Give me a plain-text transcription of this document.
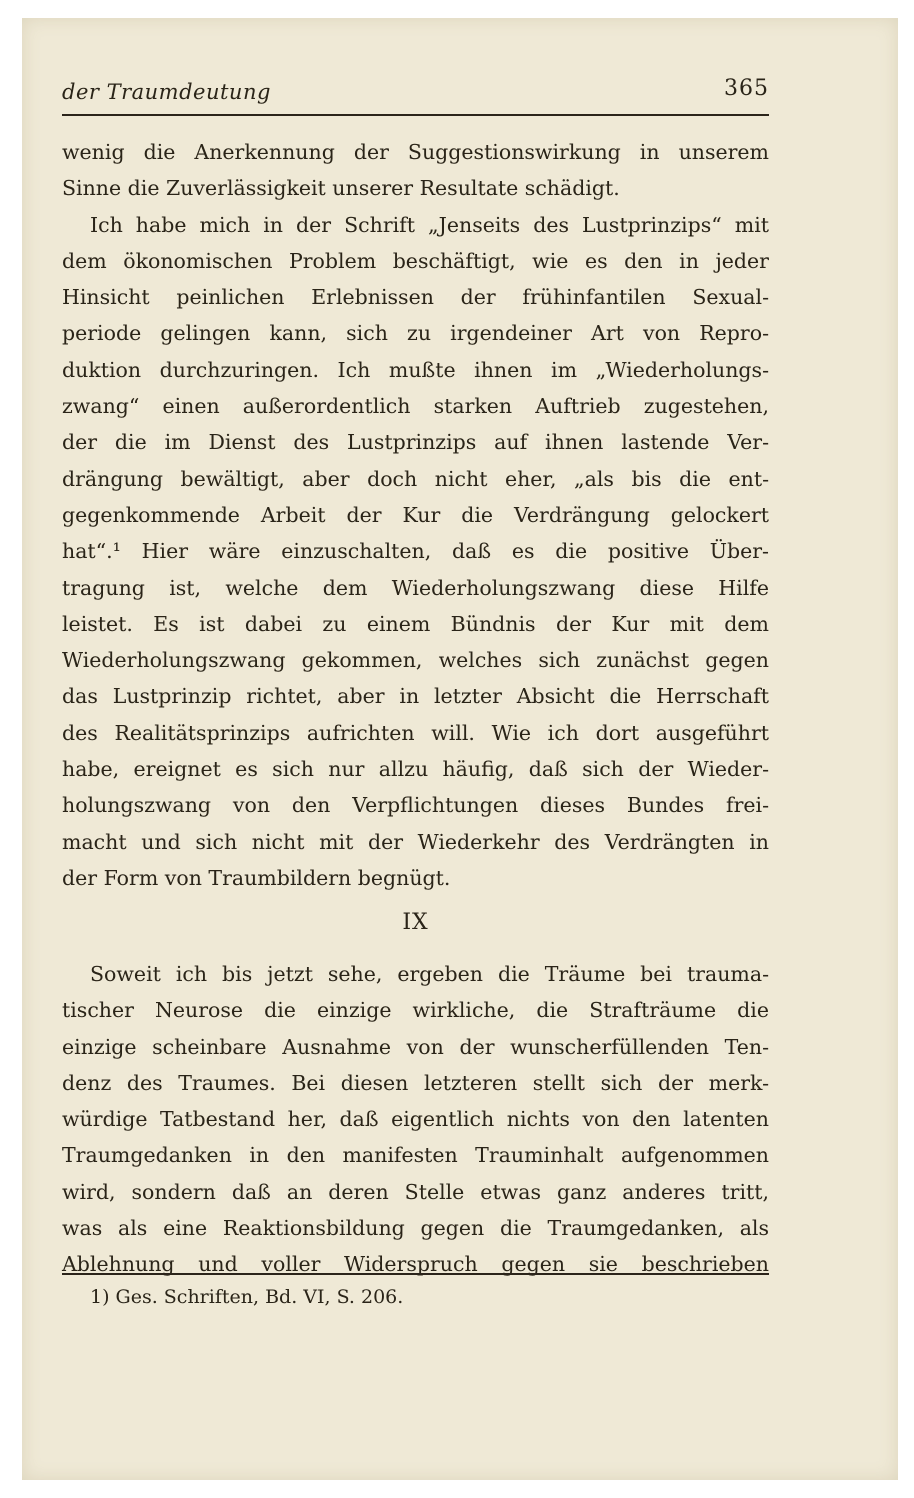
der Traumdeutung	365
wenig die Anerkennung der Suggestionswirkung in unserem
Sinne die Zuverlässigkeit unserer Resultate schädigt.
Ich habe mich in der Schrift „Jenseits des Lustprinzips“ mit
dem ökonomischen Problem beschäftigt, wie es den in jeder
Hinsicht peinlichen Erlebnissen der frühinfantilen Sexual-
periode gelingen kann, sich zu irgendeiner Art von Repro-
duktion durchzuringen. Ich mußte ihnen im „Wiederholungs-
zwang“ einen außerordentlich starken Auftrieb zugestehen,
der die im Dienst des Lustprinzips auf ihnen lastende Ver-
drängung bewältigt, aber doch nicht eher, „als bis die ent-
gegenkommende Arbeit der Kur die Verdrängung gelockert
hat“.¹ Hier wäre einzuschalten, daß es die positive Über-
tragung ist, welche dem Wiederholungszwang diese Hilfe
leistet. Es ist dabei zu einem Bündnis der Kur mit dem
Wiederholungszwang gekommen, welches sich zunächst gegen
das Lustprinzip richtet, aber in letzter Absicht die Herrschaft
des Realitätsprinzips aufrichten will. Wie ich dort ausgeführt
habe, ereignet es sich nur allzu häufig, daß sich der Wieder-
holungszwang von den Verpflichtungen dieses Bundes frei-
macht und sich nicht mit der Wiederkehr des Verdrängten in
der Form von Traumbildern begnügt.
IX
Soweit ich bis jetzt sehe, ergeben die Träume bei trauma-
tischer Neurose die einzige wirkliche, die Strafträume die
einzige scheinbare Ausnahme von der wunscherfüllenden Ten-
denz des Traumes. Bei diesen letzteren stellt sich der merk-
würdige Tatbestand her, daß eigentlich nichts von den latenten
Traumgedanken in den manifesten Trauminhalt aufgenommen
wird, sondern daß an deren Stelle etwas ganz anderes tritt,
was als eine Reaktionsbildung gegen die Traumgedanken, als
Ablehnung und voller Widerspruch gegen sie beschrieben
1) Ges. Schriften, Bd. VI, S. 206.
